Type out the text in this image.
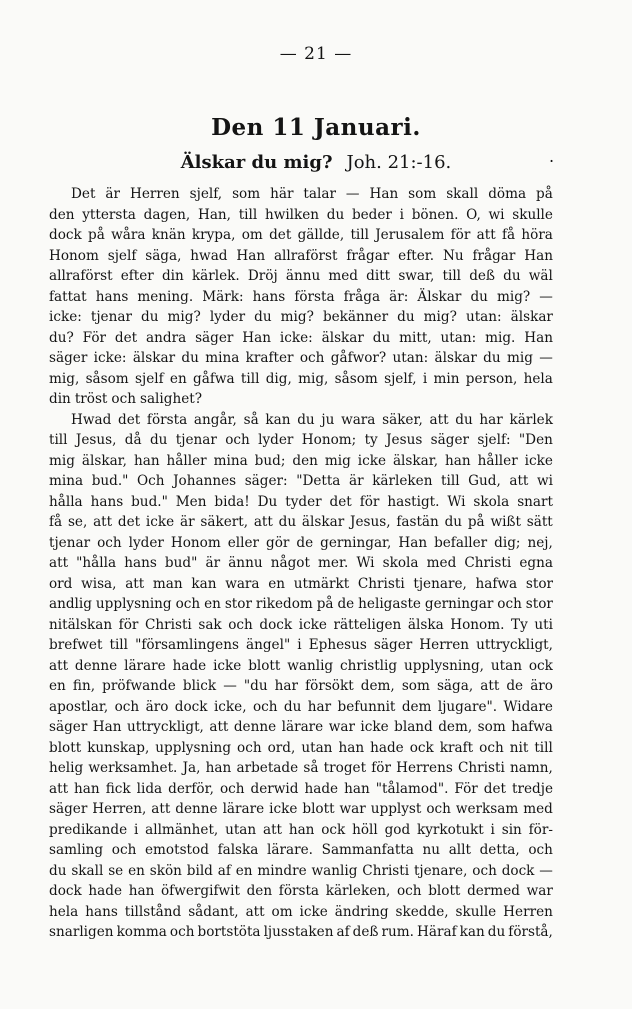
— 21 —
Den 11 Januari.
Älskar du mig? Joh. 21:-16.	.
Det är Herren sjelf, som här talar — Han som skall döma på
den yttersta dagen, Han, till hwilken du beder i bönen. O, wi skulle
dock på wåra knän krypa, om det gällde, till Jerusalem för att få höra
Honom sjelf säga, hwad Han allraförst frågar efter. Nu frågar Han
allraförst efter din kärlek. Dröj ännu med ditt swar, till deß du wäl
fattat hans mening. Märk: hans första fråga är: Älskar du mig? —
icke: tjenar du mig? lyder du mig? bekänner du mig? utan: älskar
du? För det andra säger Han icke: älskar du mitt, utan: mig. Han
säger icke: älskar du mina krafter och gåfwor? utan: älskar du mig —
mig, såsom sjelf en gåfwa till dig, mig, såsom sjelf, i min person, hela
din tröst och salighet?
Hwad det första angår, så kan du ju wara säker, att du har kärlek
till Jesus, då du tjenar och lyder Honom; ty Jesus säger sjelf: "Den
mig älskar, han håller mina bud; den mig icke älskar, han håller icke
mina bud." Och Johannes säger: "Detta är kärleken till Gud, att wi
hålla hans bud." Men bida! Du tyder det för hastigt. Wi skola snart
få se, att det icke är säkert, att du älskar Jesus, fastän du på wißt sätt
tjenar och lyder Honom eller gör de gerningar, Han befaller dig; nej,
att "hålla hans bud" är ännu något mer. Wi skola med Christi egna
ord wisa, att man kan wara en utmärkt Christi tjenare, hafwa stor
andlig upplysning och en stor rikedom på de heligaste gerningar och stor
nitälskan för Christi sak och dock icke rätteligen älska Honom. Ty uti
brefwet till "församlingens ängel" i Ephesus säger Herren uttryckligt,
att denne lärare hade icke blott wanlig christlig upplysning, utan ock
en fin, pröfwande blick — "du har försökt dem, som säga, att de äro
apostlar, och äro dock icke, och du har befunnit dem ljugare". Widare
säger Han uttryckligt, att denne lärare war icke bland dem, som hafwa
blott kunskap, upplysning och ord, utan han hade ock kraft och nit till
helig werksamhet. Ja, han arbetade så troget för Herrens Christi namn,
att han fick lida derför, och derwid hade han "tålamod". För det tredje
säger Herren, att denne lärare icke blott war upplyst och werksam med
predikande i allmänhet, utan att han ock höll god kyrkotukt i sin för-
samling och emotstod falska lärare. Sammanfatta nu allt detta, och
du skall se en skön bild af en mindre wanlig Christi tjenare, och dock —
dock hade han öfwergifwit den första kärleken, och blott dermed war
hela hans tillstånd sådant, att om icke ändring skedde, skulle Herren
snarligen komma och bortstöta ljusstaken af deß rum. Häraf kan du förstå,
